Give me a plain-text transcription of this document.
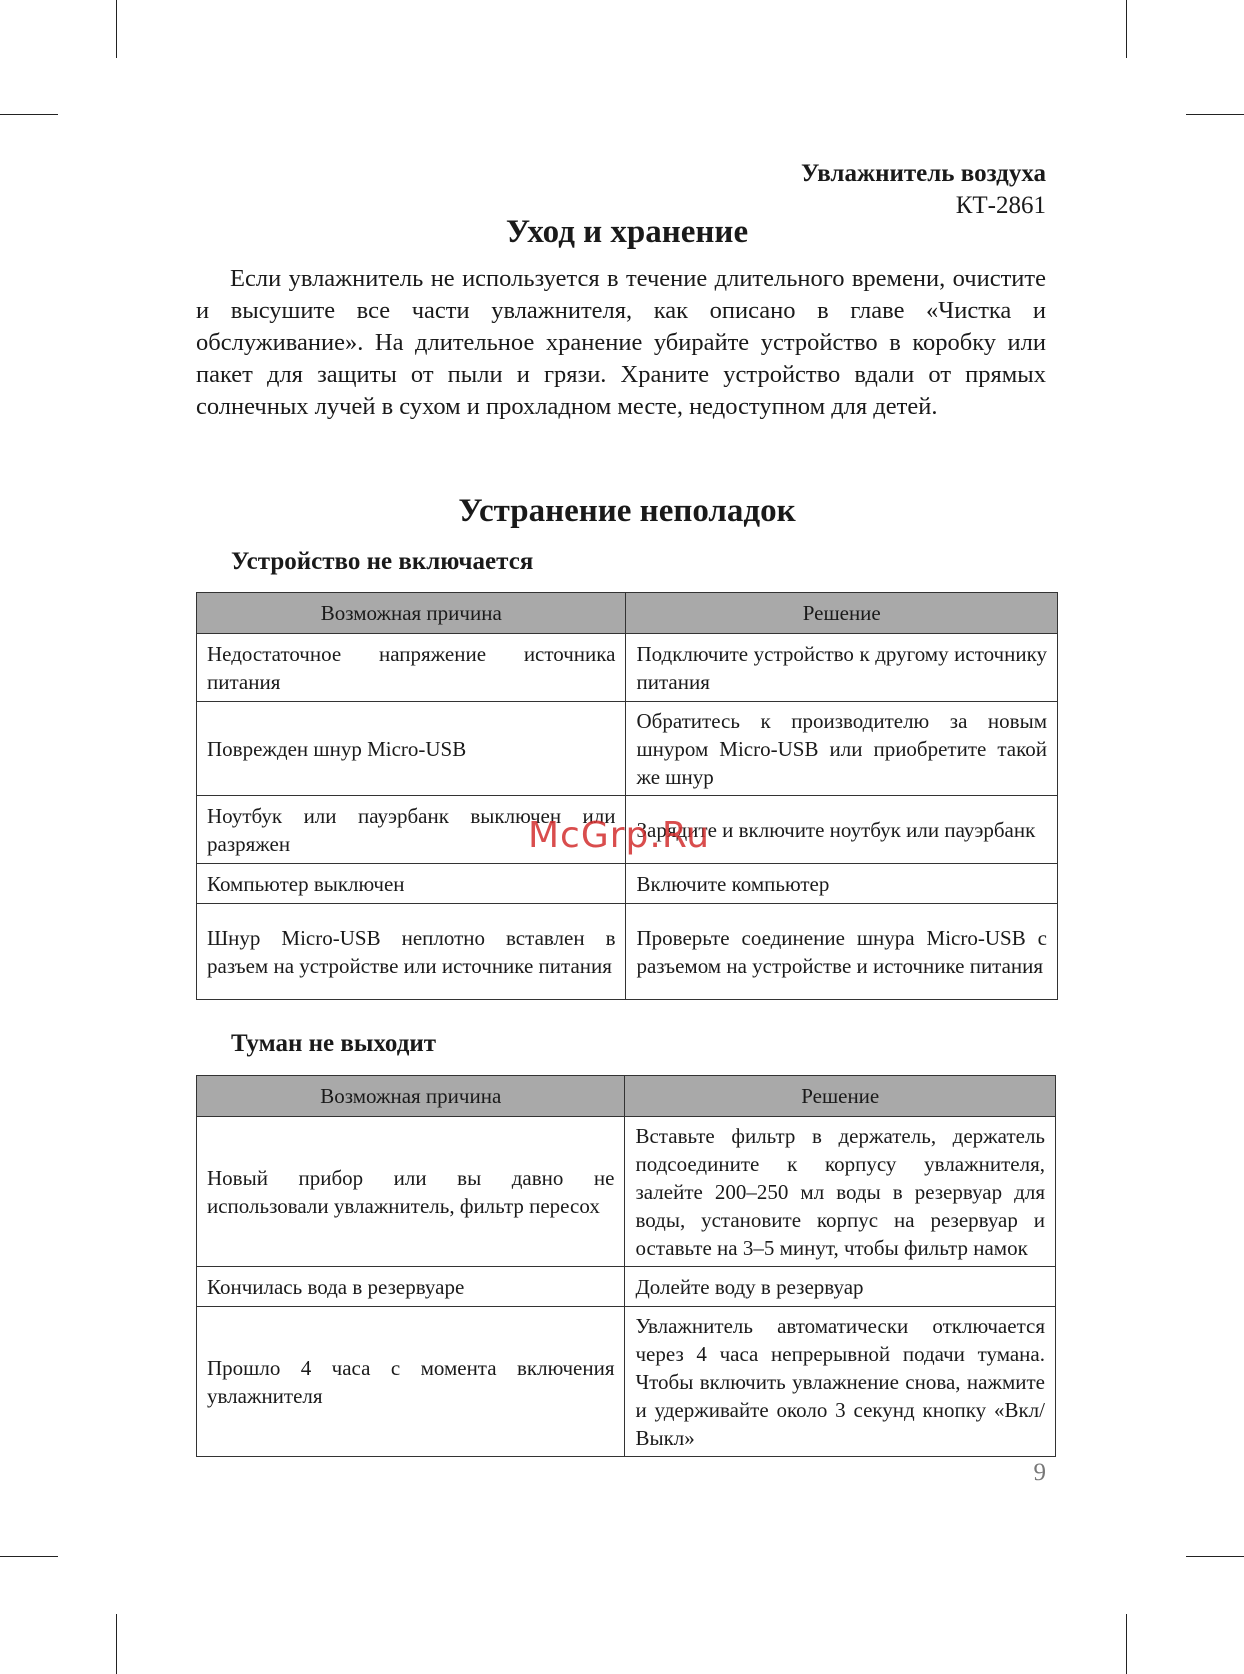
Увлажнитель воздуха
КТ-2861
Уход и хранение

Если увлажнитель не используется в течение длительного времени, очистите и высушите все части увлажнителя, как описано в главе «Чистка и обслуживание». На длительное хранение убирайте устройство в коробку или пакет для защиты от пыли и грязи. Храните устройство вдали от прямых солнечных лучей в сухом и прохладном месте, недоступном для детей.

Устранение неполадок
Устройство не включается
Возможная причина	Решение
Недостаточное напряжение источника питания	Подключите устройство к другому источнику питания
Поврежден шнур Micro-USB	Обратитесь к производителю за новым шнуром Micro-USB или приобретите такой же шнур
Ноутбук или пауэрбанк выключен или разряжен	Зарядите и включите ноутбук или пауэрбанк
Компьютер выключен	Включите компьютер
Шнур Micro-USB неплотно вставлен в разъем на устройстве или источнике питания	Проверьте соединение шнура Micro-USB с разъемом на устройстве и источнике питания
Туман не выходит
Возможная причина	Решение
Новый прибор или вы давно не использовали увлажнитель, фильтр пересох	Вставьте фильтр в держатель, держатель подсоедините к корпусу увлажнителя, залейте 200–250 мл воды в резервуар для воды, установите корпус на резервуар и оставьте на 3–5 минут, чтобы фильтр намок
Кончилась вода в резервуаре	Долейте воду в резервуар
Прошло 4 часа с момента включения увлажнителя	Увлажнитель автоматически отключается через 4 часа непрерывной подачи тумана. Чтобы включить увлажнение снова, нажмите и удерживайте около 3 секунд кнопку «Вкл/Выкл»
McGrp.Ru
9
